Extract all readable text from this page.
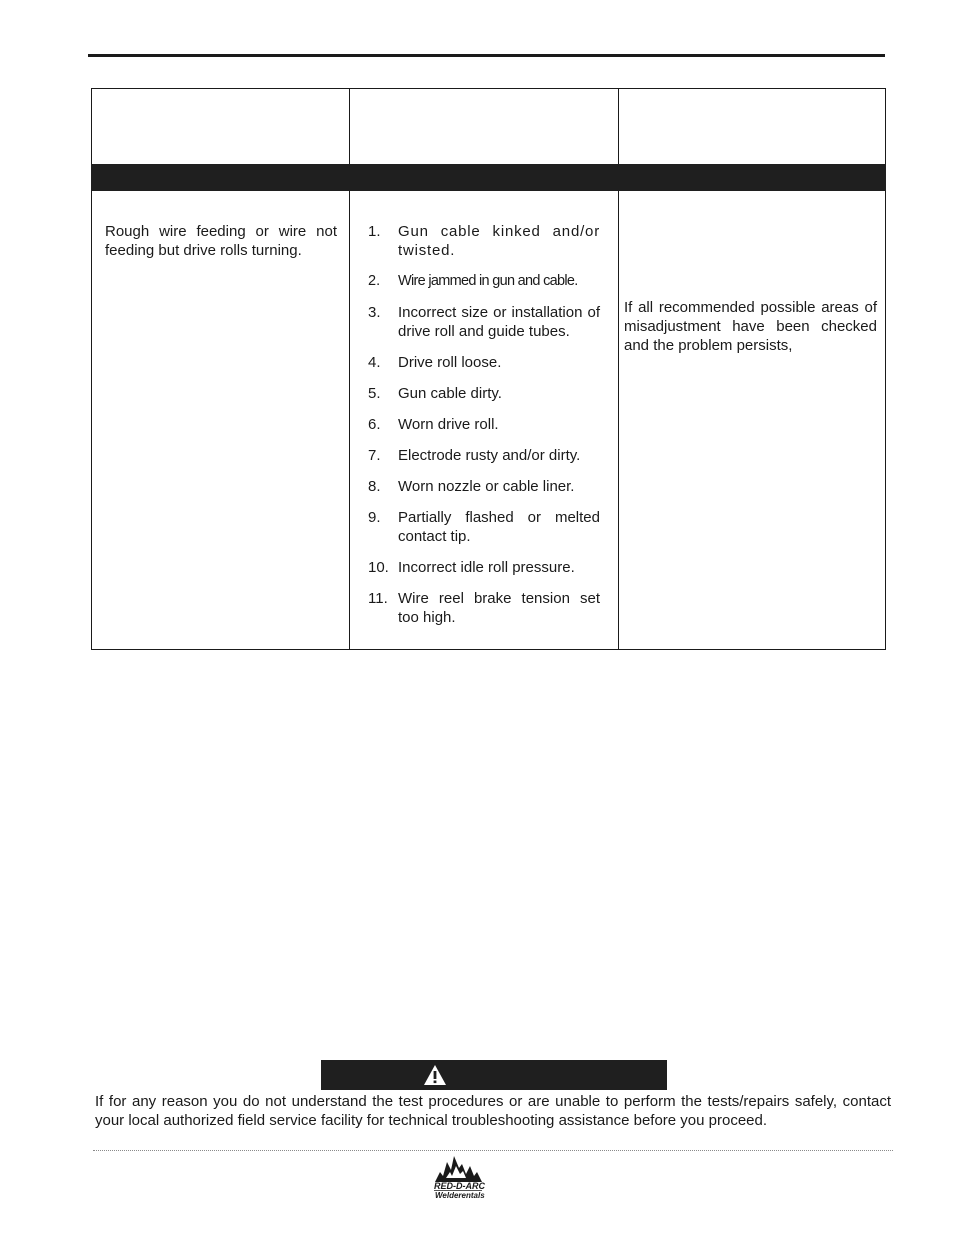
Rough wire feeding or wire not feeding but drive rolls turning.
1. Gun cable kinked and/or twisted.
2. Wire jammed in gun and cable.
3. Incorrect size or installation of drive roll and guide tubes.
4. Drive roll loose.
5. Gun cable dirty.
6. Worn drive roll.
7. Electrode rusty and/or dirty.
8. Worn nozzle or cable liner.
9. Partially flashed or melted contact tip.
10. Incorrect idle roll pressure.
11. Wire reel brake tension set too high.
If all recommended possible areas of misadjustment have been checked and the problem persists,
If for any reason you do not understand the test procedures or are unable to perform the tests/repairs safely, contact your local authorized field service facility for technical troubleshooting assistance before you proceed.
RED-D-ARC
Welderentals
